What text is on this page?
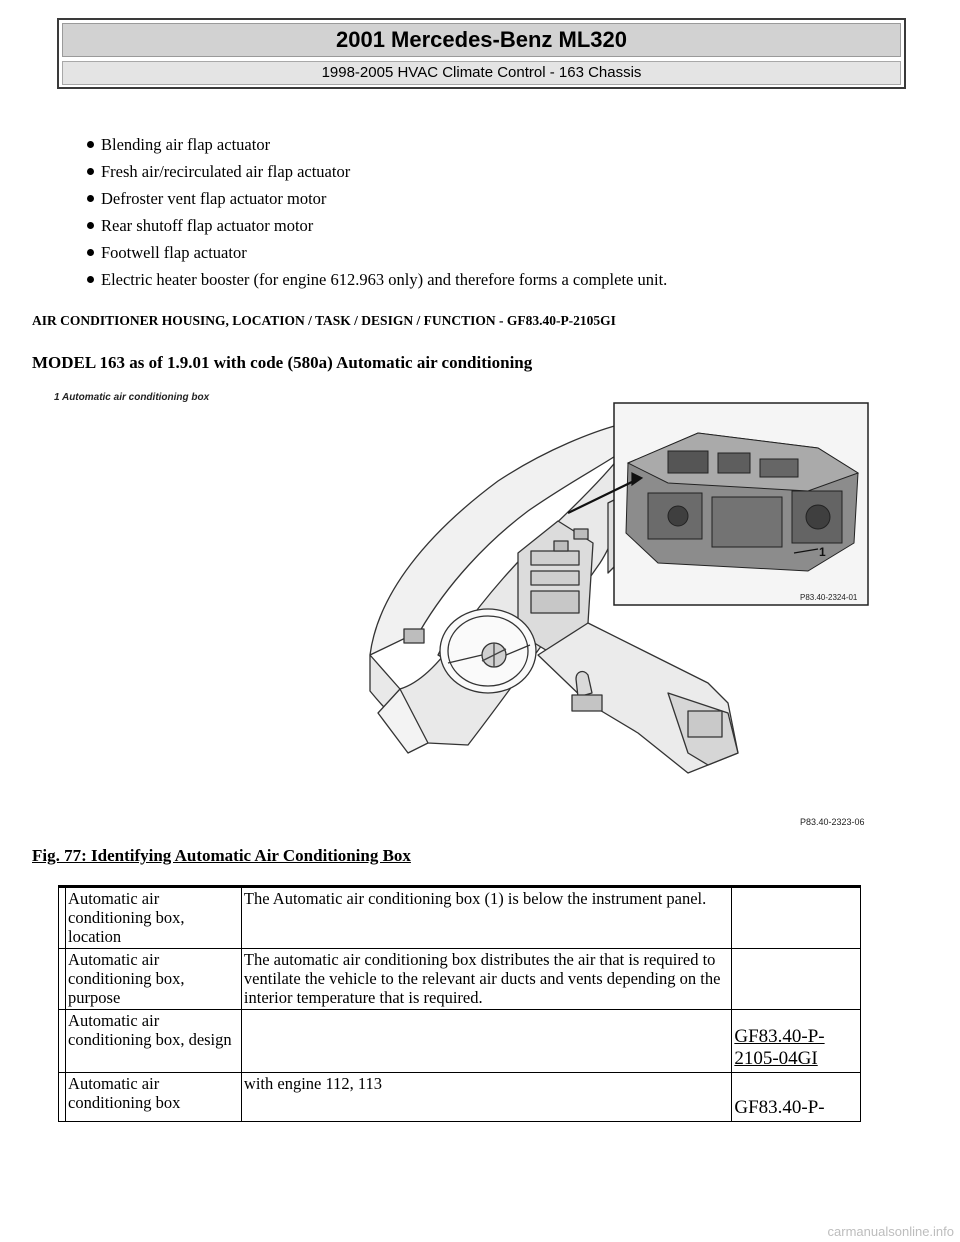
2001 Mercedes-Benz ML320
1998-2005 HVAC Climate Control - 163 Chassis
Blending air flap actuator
Fresh air/recirculated air flap actuator
Defroster vent flap actuator motor
Rear shutoff flap actuator motor
Footwell flap actuator
Electric heater booster (for engine 612.963 only) and therefore forms a complete unit.
AIR CONDITIONER HOUSING, LOCATION / TASK / DESIGN / FUNCTION - GF83.40-P-2105GI
MODEL 163 as of 1.9.01 with code (580a) Automatic air conditioning
1 Automatic air conditioning box
1
P83.40-2324-01
P83.40-2323-06
Fig. 77: Identifying Automatic Air Conditioning Box
	Automatic air conditioning box, location	The Automatic air conditioning box (1) is below the instrument panel.	
	Automatic air conditioning box, purpose	The automatic air conditioning box distributes the air that is required to ventilate the vehicle to the relevant air ducts and vents depending on the interior temperature that is required.	
	Automatic air conditioning box, design		GF83.40-P-2105-04GI
	Automatic air conditioning box	with engine 112, 113	GF83.40-P-
carmanualsonline.info
